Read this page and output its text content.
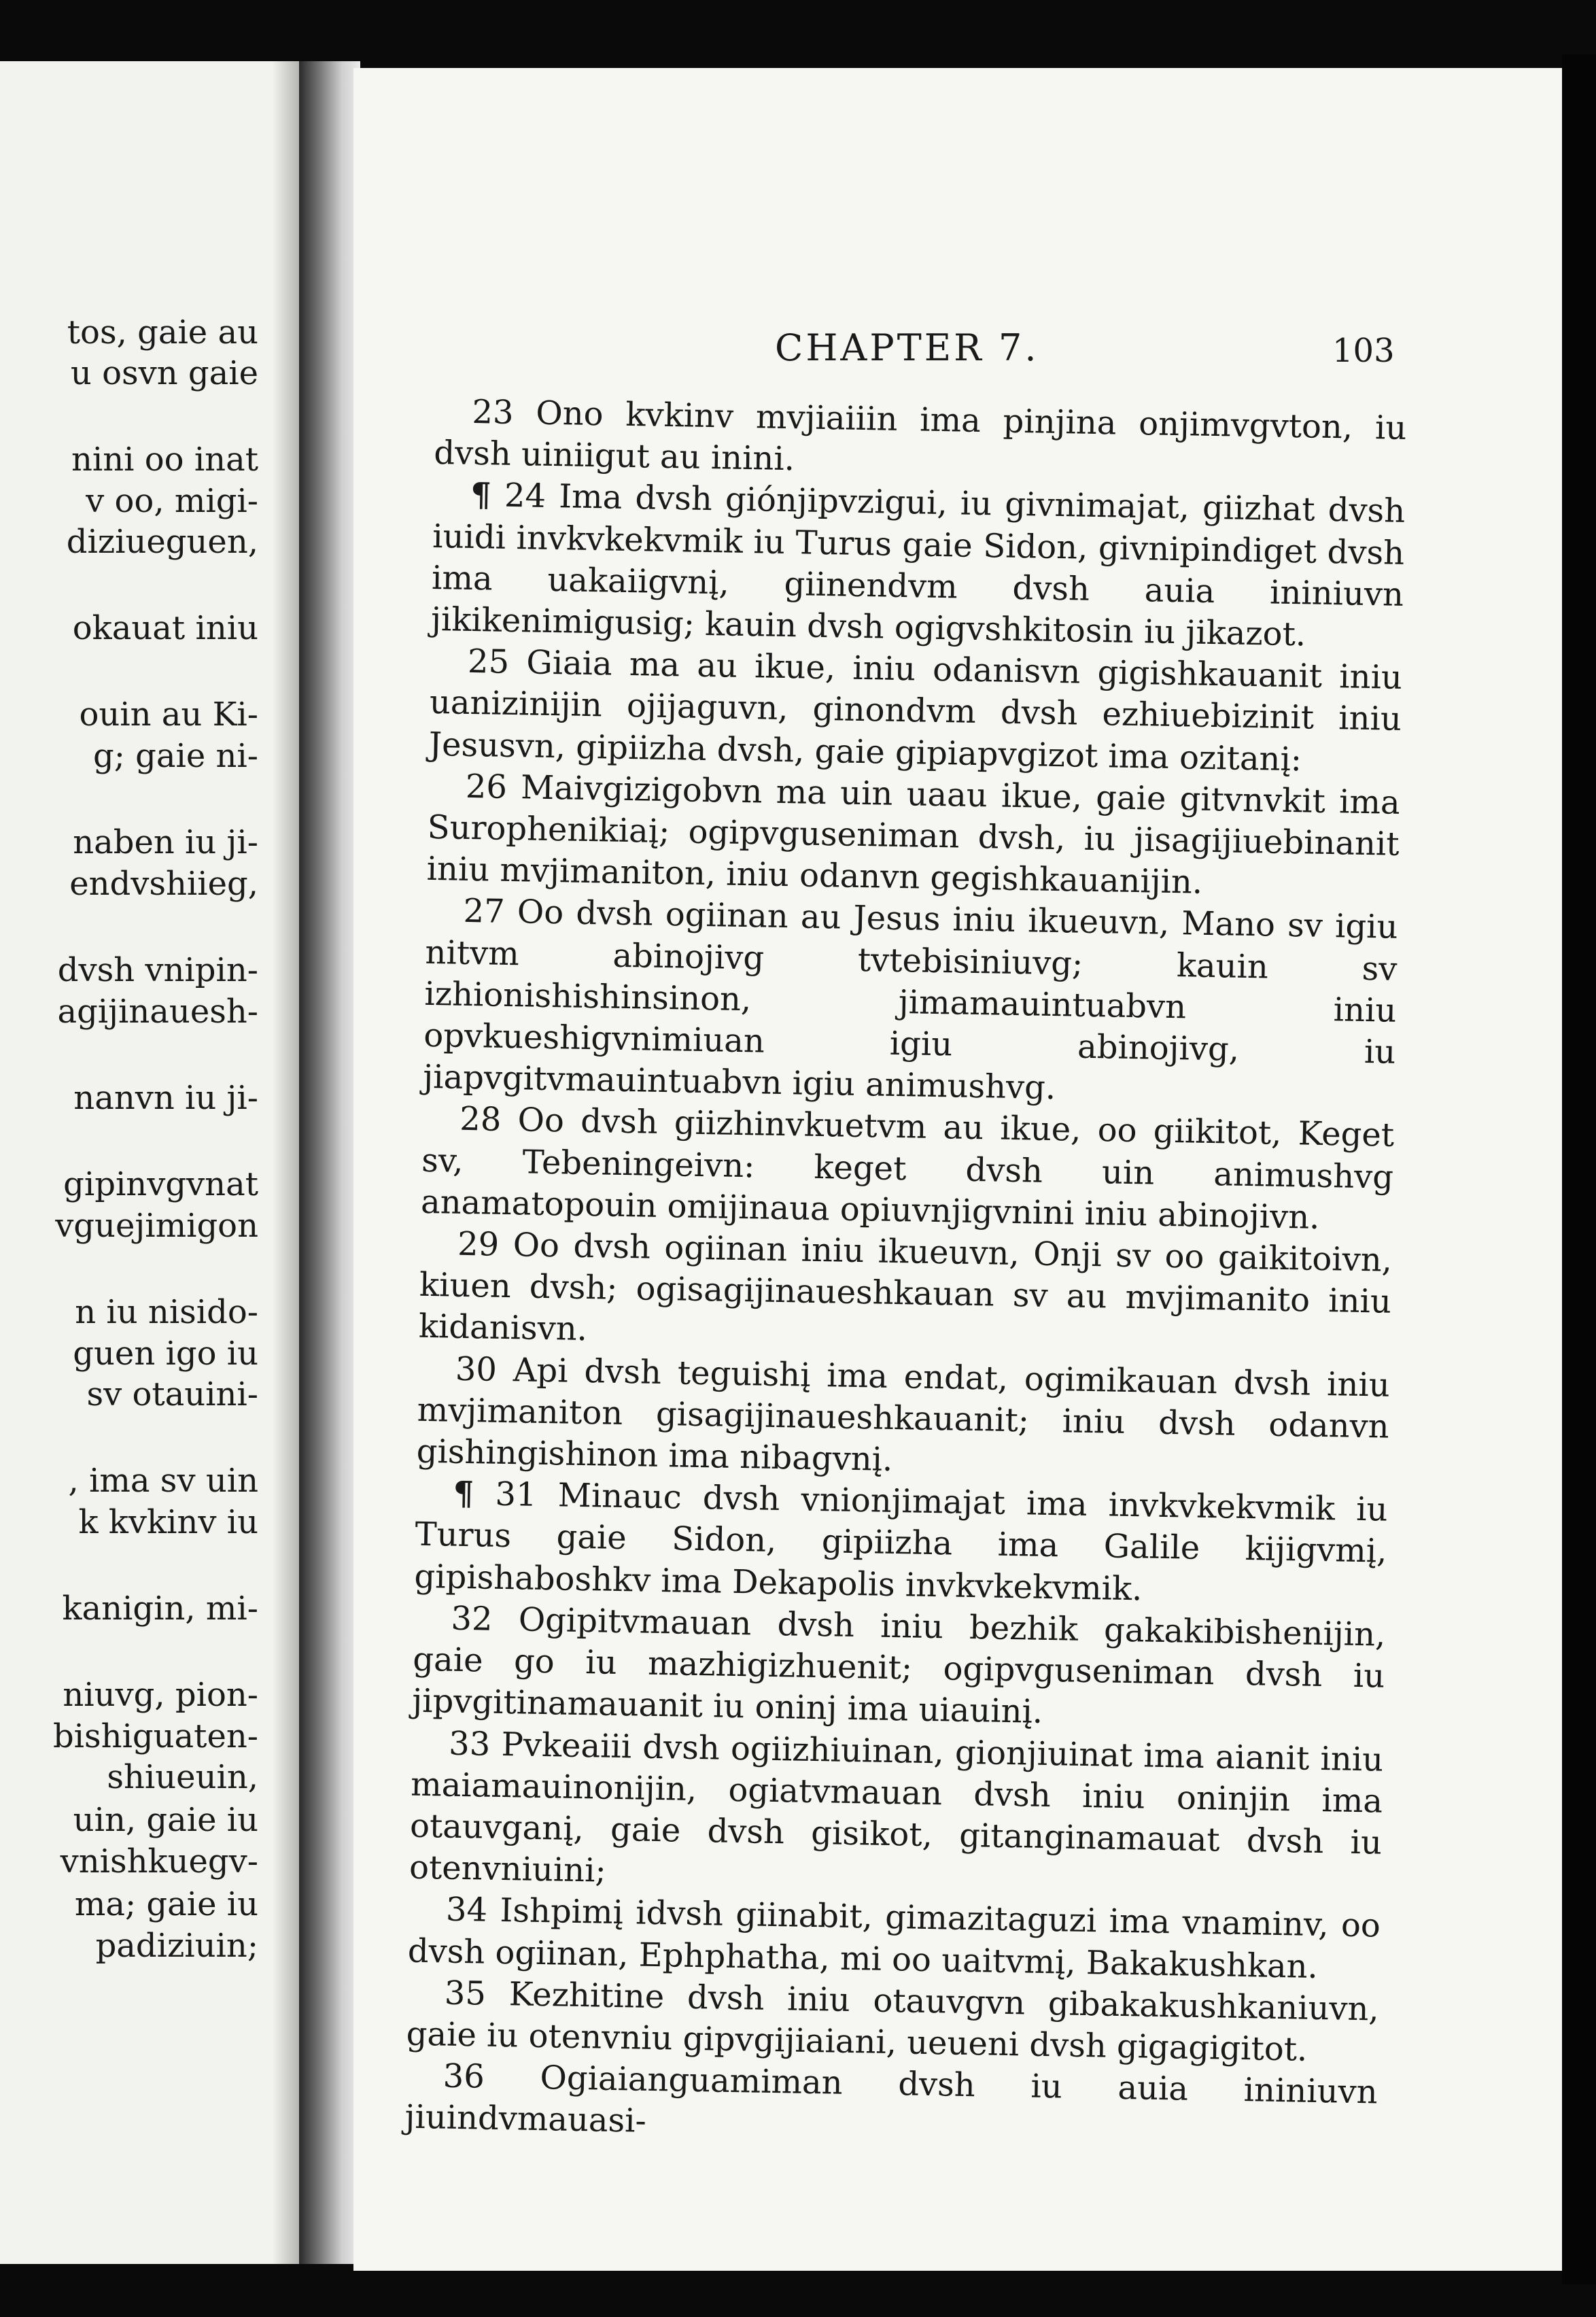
tos, gaie au
u osvn gaie
nini oo inat
v oo, migi-
diziueguen,
okauat iniu
ouin au Ki-
g; gaie ni-
naben iu ji-
endvshiieg,
dvsh vnipin-
agijinauesh-
nanvn iu ji-
gipinvgvnat
vguejimigon
n iu nisido-
guen igo iu
sv otauini-
, ima sv uin
k kvkinv iu
kanigin, mi-
niuvg, pion-
bishiguaten-
shiueuin,
uin, gaie iu
vnishkuegv-
ma; gaie iu
padiziuin;
CHAPTER 7.	103

23 Ono kvkinv mvjiaiiin ima pinjina onjimvgvton, iu dvsh uiniigut au inini.

¶ 24 Ima dvsh giónjipvzigui, iu givnimajat, giizhat dvsh iuidi invkvkekvmik iu Turus gaie Sidon, givnipindiget dvsh ima uakaiigvnį, giinendvm dvsh auia ininiuvn jikikenimigusig; kauin dvsh ogigvshkitosin iu jikazot.

25 Giaia ma au ikue, iniu odanisvn gigishkauanit iniu uanizinijin ojijaguvn, ginondvm dvsh ezhiuebizinit iniu Jesusvn, gipiizha dvsh, gaie gipiapvgizot ima ozitanį:

26 Maivgizigobvn ma uin uaau ikue, gaie gitvnvkit ima Surophenikiaį; ogipvguseniman dvsh, iu jisagijiuebinanit iniu mvjimaniton, iniu odanvn gegishkauanijin.

27 Oo dvsh ogiinan au Jesus iniu ikueuvn, Mano sv igiu nitvm abinojivg tvtebisiniuvg; kauin sv izhionishishinsinon, jimamauintuabvn iniu opvkueshigvnimiuan igiu abinojivg, iu jiapvgitvmauintuabvn igiu animushvg.

28 Oo dvsh giizhinvkuetvm au ikue, oo giikitot, Keget sv, Tebeningeivn: keget dvsh uin animushvg anamatopouin omijinaua opiuvnjigvnini iniu abinojivn.

29 Oo dvsh ogiinan iniu ikueuvn, Onji sv oo gaikitoivn, kiuen dvsh; ogisagijinaueshkauan sv au mvjimanito iniu kidanisvn.

30 Api dvsh teguishį ima endat, ogimikauan dvsh iniu mvjimaniton gisagijinaueshkauanit; iniu dvsh odanvn gishingishinon ima nibagvnį.

¶ 31 Minauc dvsh vnionjimajat ima invkvkekvmik iu Turus gaie Sidon, gipiizha ima Galile kijigvmį, gipishaboshkv ima Dekapolis invkvkekvmik.

32 Ogipitvmauan dvsh iniu bezhik gakakibishenijin, gaie go iu mazhigizhuenit; ogipvguseniman dvsh iu jipvgitinamauanit iu oninj ima uiauinį.

33 Pvkeaiii dvsh ogiizhiuinan, gionjiuinat ima aianit iniu maiamauinonijin, ogiatvmauan dvsh iniu oninjin ima otauvganį, gaie dvsh gisikot, gitanginamauat dvsh iu otenvniuini;

34 Ishpimį idvsh giinabit, gimazitaguzi ima vnaminv, oo dvsh ogiinan, Ephphatha, mi oo uaitvmį, Bakakushkan.

35 Kezhitine dvsh iniu otauvgvn gibakakushkaniuvn, gaie iu otenvniu gipvgijiaiani, ueueni dvsh gigagigitot.

36 Ogiaianguamiman dvsh iu auia ininiuvn jiuindvmauasi-
